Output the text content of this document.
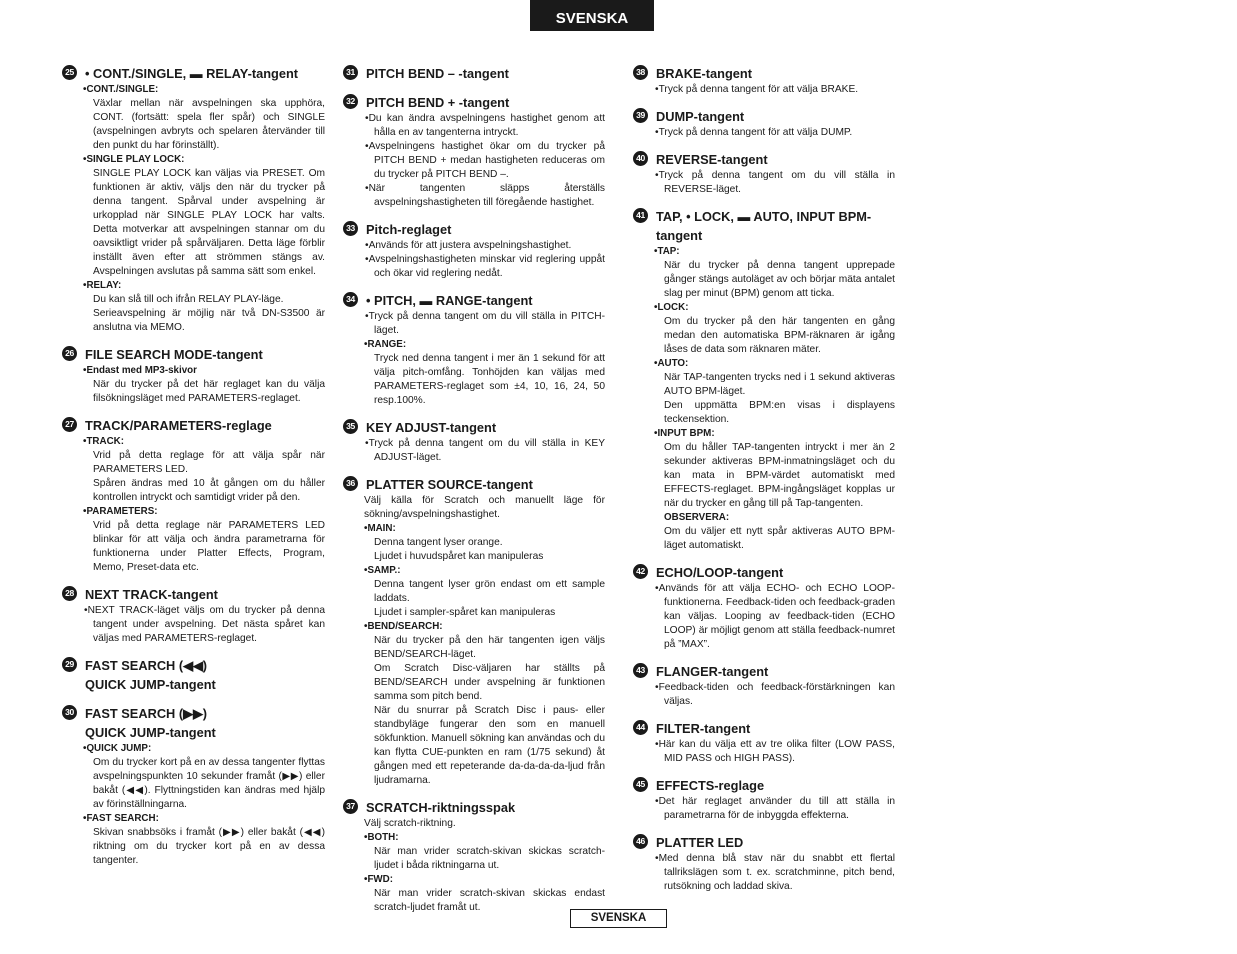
SVENSKA
25 • CONT./SINGLE, ▬ RELAY-tangent
• CONT./SINGLE:
Växlar mellan när avspelningen ska upphöra, CONT. (fortsätt: spela fler spår) och SINGLE (avspelningen avbryts och spelaren återvänder till den punkt du har förinställt).
• SINGLE PLAY LOCK:
SINGLE PLAY LOCK kan väljas via PRESET. Om funktionen är aktiv, väljs den när du trycker på denna tangent. Spårval under avspelning är urkopplad när SINGLE PLAY LOCK har valts. Detta motverkar att avspelningen stannar om du oavsiktligt vrider på spårväljaren. Detta läge förblir inställt även efter att strömmen stängs av. Avspelningen avslutas på samma sätt som enkel.
• RELAY:
Du kan slå till och ifrån RELAY PLAY-läge.
Serieavspelning är möjlig när två DN-S3500 är anslutna via MEMO.
26 FILE SEARCH MODE-tangent
• Endast med MP3-skivor
När du trycker på det här reglaget kan du välja filsökningsläget med PARAMETERS-reglaget.
27 TRACK/PARAMETERS-reglage
• TRACK:
Vrid på detta reglage för att välja spår när PARAMETERS LED.
Spåren ändras med 10 åt gången om du håller kontrollen intryckt och samtidigt vrider på den.
• PARAMETERS:
Vrid på detta reglage när PARAMETERS LED blinkar för att välja och ändra parametrarna för funktionerna under Platter Effects, Program, Memo, Preset-data etc.
28 NEXT TRACK-tangent
• NEXT TRACK-läget väljs om du trycker på denna tangent under avspelning. Det nästa spåret kan väljas med PARAMETERS-reglaget.
29 FAST SEARCH (◀◀)
QUICK JUMP-tangent
30 FAST SEARCH (▶▶)
QUICK JUMP-tangent
• QUICK JUMP:
Om du trycker kort på en av dessa tangenter flyttas avspelningspunkten 10 sekunder framåt (▶▶) eller bakåt (◀◀). Flyttningstiden kan ändras med hjälp av förinställningarna.
• FAST SEARCH:
Skivan snabbsöks i framåt (▶▶) eller bakåt (◀◀) riktning om du trycker kort på en av dessa tangenter.
31 PITCH BEND – -tangent
32 PITCH BEND + -tangent
• Du kan ändra avspelningens hastighet genom att hålla en av tangenterna intryckt.
• Avspelningens hastighet ökar om du trycker på PITCH BEND + medan hastigheten reduceras om du trycker på PITCH BEND –.
• När tangenten släpps återställs avspelningshastigheten till föregående hastighet.
33 Pitch-reglaget
• Används för att justera avspelningshastighet.
• Avspelningshastigheten minskar vid reglering uppåt och ökar vid reglering nedåt.
34 • PITCH, ▬ RANGE-tangent
• Tryck på denna tangent om du vill ställa in PITCH-läget.
• RANGE:
Tryck ned denna tangent i mer än 1 sekund för att välja pitch-omfång. Tonhöjden kan väljas med PARAMETERS-reglaget som ±4, 10, 16, 24, 50 resp.100%.
35 KEY ADJUST-tangent
• Tryck på denna tangent om du vill ställa in KEY ADJUST-läget.
36 PLATTER SOURCE-tangent
Välj källa för Scratch och manuellt läge för sökning/avspelningshastighet.
• MAIN:
Denna tangent lyser orange.
Ljudet i huvudspåret kan manipuleras
• SAMP.:
Denna tangent lyser grön endast om ett sample laddats.
Ljudet i sampler-spåret kan manipuleras
• BEND/SEARCH:
När du trycker på den här tangenten igen väljs BEND/SEARCH-läget.
Om Scratch Disc-väljaren har ställts på BEND/SEARCH under avspelning är funktionen samma som pitch bend.
När du snurrar på Scratch Disc i paus- eller standbyläge fungerar den som en manuell sökfunktion. Manuell sökning kan användas och du kan flytta CUE-punkten en ram (1/75 sekund) åt gången med ett repeterande da-da-da-da-ljud från ljudramarna.
37 SCRATCH-riktningsspak
Välj scratch-riktning.
• BOTH:
När man vrider scratch-skivan skickas scratch-ljudet i båda riktningarna ut.
• FWD:
När man vrider scratch-skivan skickas endast scratch-ljudet framåt ut.
38 BRAKE-tangent
• Tryck på denna tangent för att välja BRAKE.
39 DUMP-tangent
• Tryck på denna tangent för att välja DUMP.
40 REVERSE-tangent
• Tryck på denna tangent om du vill ställa in REVERSE-läget.
41 TAP, • LOCK, ▬ AUTO, INPUT BPM-tangent
• TAP:
När du trycker på denna tangent upprepade gånger stängs autoläget av och börjar mäta antalet slag per minut (BPM) genom att ticka.
• LOCK:
Om du trycker på den här tangenten en gång medan den automatiska BPM-räknaren är igång låses de data som räknaren mäter.
• AUTO:
När TAP-tangenten trycks ned i 1 sekund aktiveras AUTO BPM-läget.
Den uppmätta BPM:en visas i displayens teckensektion.
• INPUT BPM:
Om du håller TAP-tangenten intryckt i mer än 2 sekunder aktiveras BPM-inmatningsläget och du kan mata in BPM-värdet automatiskt med EFFECTS-reglaget. BPM-ingångsläget kopplas ur när du trycker en gång till på Tap-tangenten.
OBSERVERA:
Om du väljer ett nytt spår aktiveras AUTO BPM-läget automatiskt.
42 ECHO/LOOP-tangent
• Används för att välja ECHO- och ECHO LOOP-funktionerna. Feedback-tiden och feedback-graden kan väljas. Looping av feedback-tiden (ECHO LOOP) är möjligt genom att ställa feedback-numret på ”MAX”.
43 FLANGER-tangent
• Feedback-tiden och feedback-förstärkningen kan väljas.
44 FILTER-tangent
• Här kan du välja ett av tre olika filter (LOW PASS, MID PASS och HIGH PASS).
45 EFFECTS-reglage
• Det här reglaget använder du till att ställa in parametrarna för de inbyggda effekterna.
46 PLATTER LED
• Med denna blå stav när du snabbt ett flertal tallrikslägen som t. ex. scratchminne, pitch bend, rutsökning och laddad skiva.
SVENSKA
